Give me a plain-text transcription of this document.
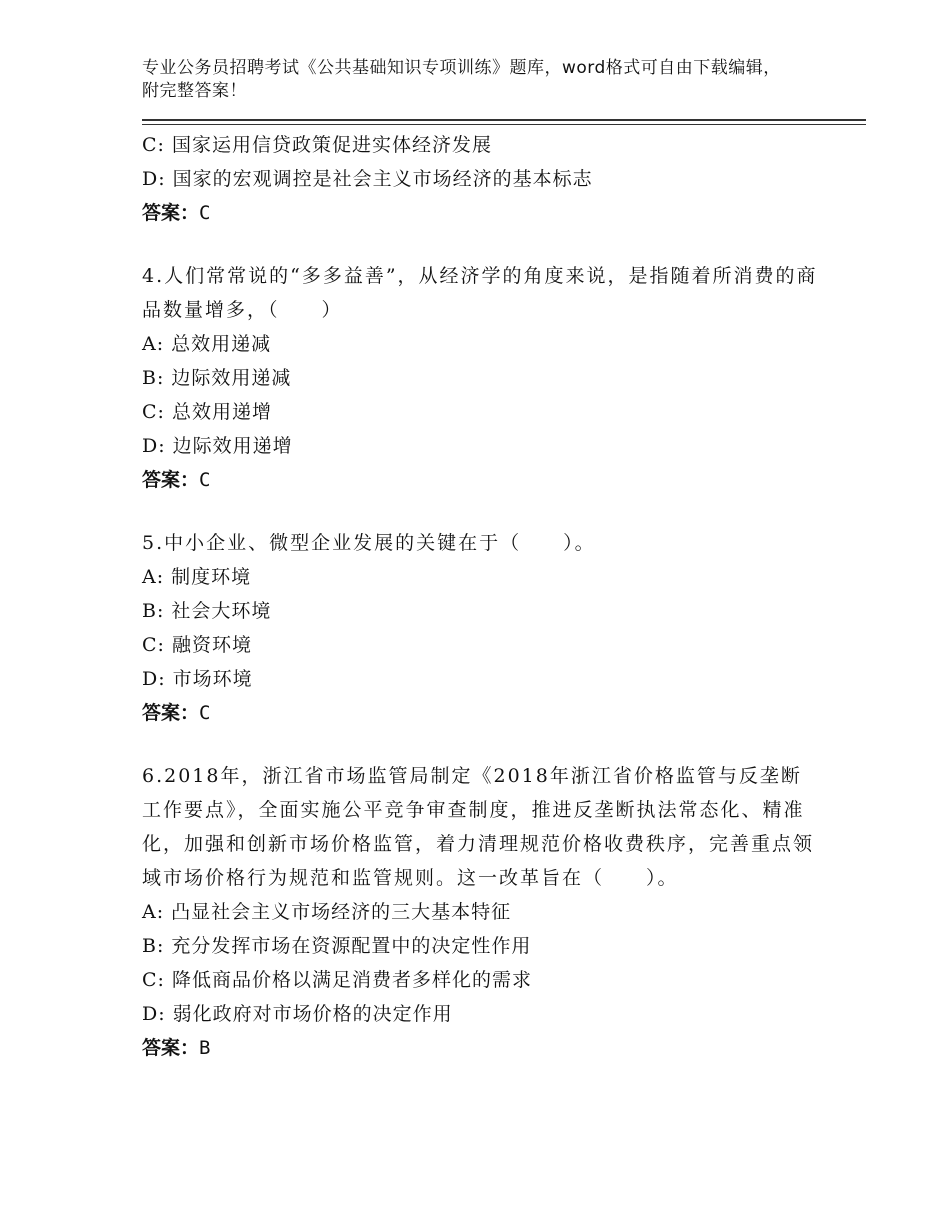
专业公务员招聘考试《公共基础知识专项训练》题库，word格式可自由下载编辑，附完整答案！
C: 国家运用信贷政策促进实体经济发展
D: 国家的宏观调控是社会主义市场经济的基本标志
答案：C
4.人们常常说的“多多益善”，从经济学的角度来说，是指随着所消费的商品数量增多，（　　）
A: 总效用递减
B: 边际效用递减
C: 总效用递增
D: 边际效用递增
答案：C
5.中小企业、微型企业发展的关键在于（　　）。
A: 制度环境
B: 社会大环境
C: 融资环境
D: 市场环境
答案：C
6.2018年，浙江省市场监管局制定《2018年浙江省价格监管与反垄断工作要点》，全面实施公平竞争审查制度，推进反垄断执法常态化、精准化，加强和创新市场价格监管，着力清理规范价格收费秩序，完善重点领域市场价格行为规范和监管规则。这一改革旨在（　　）。
A: 凸显社会主义市场经济的三大基本特征
B: 充分发挥市场在资源配置中的决定性作用
C: 降低商品价格以满足消费者多样化的需求
D: 弱化政府对市场价格的决定作用
答案：B
